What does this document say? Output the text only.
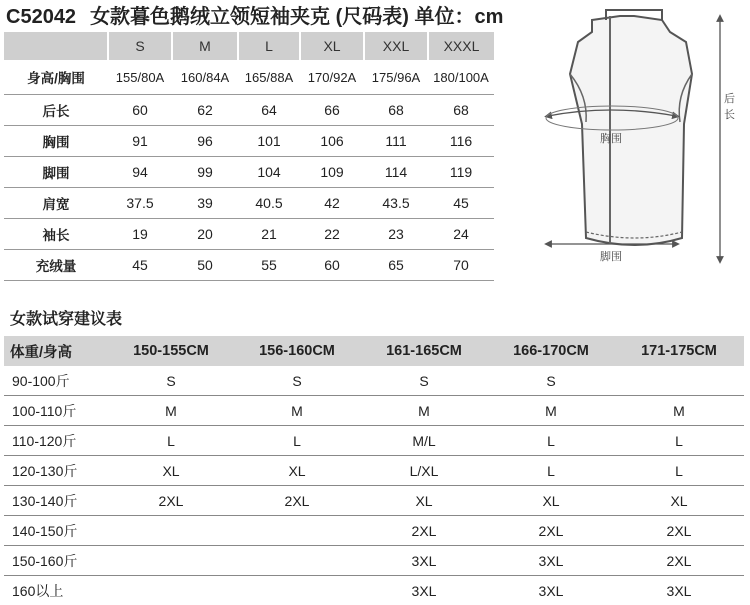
C52042 女款暮色鹅绒立领短袖夹克 (尺码表) 单位：cm
	S	M	L	XL	XXL	XXXL
身高/胸围	155/80A	160/84A	165/88A	170/92A	175/96A	180/100A
后长	60	62	64	66	68	68
胸围	91	96	101	106	111	116
脚围	94	99	104	109	114	119
肩宽	37.5	39	40.5	42	43.5	45
袖长	19	20	21	22	23	24
充绒量	45	50	55	60	65	70
胸围
脚围
后
长
女款试穿建议表
体重/身高	150-155CM	156-160CM	161-165CM	166-170CM	171-175CM
90-100斤	S	S	S	S	
100-110斤	M	M	M	M	M
110-120斤	L	L	M/L	L	L
120-130斤	XL	XL	L/XL	L	L
130-140斤	2XL	2XL	XL	XL	XL
140-150斤			2XL	2XL	2XL
150-160斤			3XL	3XL	2XL
160以上			3XL	3XL	3XL
